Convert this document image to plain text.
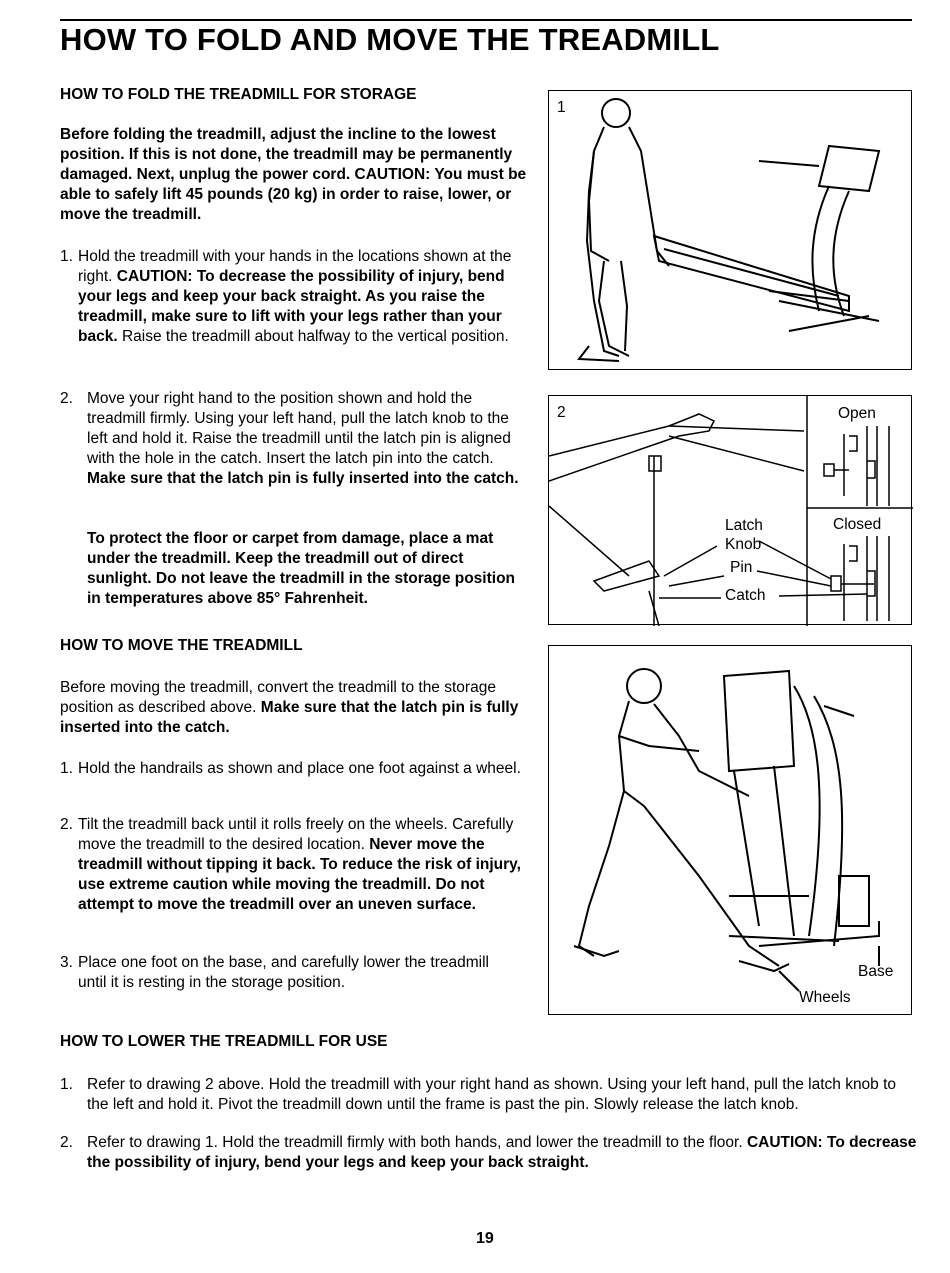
HOW TO FOLD AND MOVE THE TREADMILL
HOW TO FOLD THE TREADMILL FOR STORAGE

Before folding the treadmill, adjust the incline to the lowest position. If this is not done, the treadmill may be permanently damaged. Next, unplug the power cord. CAUTION: You must be able to safely lift 45 pounds (20 kg) in order to raise, lower, or move the treadmill.

1. Hold the treadmill with your hands in the locations shown at the right. CAUTION: To decrease the possibility of injury, bend your legs and keep your back straight. As you raise the treadmill, make sure to lift with your legs rather than your back. Raise the treadmill about halfway to the vertical position.
2. Move your right hand to the position shown and hold the treadmill firmly. Using your left hand, pull the latch knob to the left and hold it. Raise the treadmill until the latch pin is aligned with the hole in the catch. Insert the latch pin into the catch. Make sure that the latch pin is fully inserted into the catch.

To protect the floor or carpet from damage, place a mat under the treadmill. Keep the treadmill out of direct sunlight. Do not leave the treadmill in the storage position in temperatures above 85° Fahrenheit.

HOW TO MOVE THE TREADMILL
Before moving the treadmill, convert the treadmill to the storage position as described above. Make sure that the latch pin is fully inserted into the catch.
1. Hold the handrails as shown and place one foot against a wheel.
2. Tilt the treadmill back until it rolls freely on the wheels. Carefully move the treadmill to the desired location. Never move the treadmill without tipping it back. To reduce the risk of injury, use extreme caution while moving the treadmill. Do not attempt to move the treadmill over an uneven surface.
3. Place one foot on the base, and carefully lower the treadmill until it is resting in the storage position.
HOW TO LOWER THE TREADMILL FOR USE
1. Refer to drawing 2 above. Hold the treadmill with your right hand as shown. Using your left hand, pull the latch knob to the left and hold it. Pivot the treadmill down until the frame is past the pin. Slowly release the latch knob.
2. Refer to drawing 1. Hold the treadmill firmly with both hands, and lower the treadmill to the floor. CAUTION: To decrease the possibility of injury, bend your legs and keep your back straight.
1
2	Open
Closed
Latch
Knob
Pin
Catch
Base
Wheels
19
